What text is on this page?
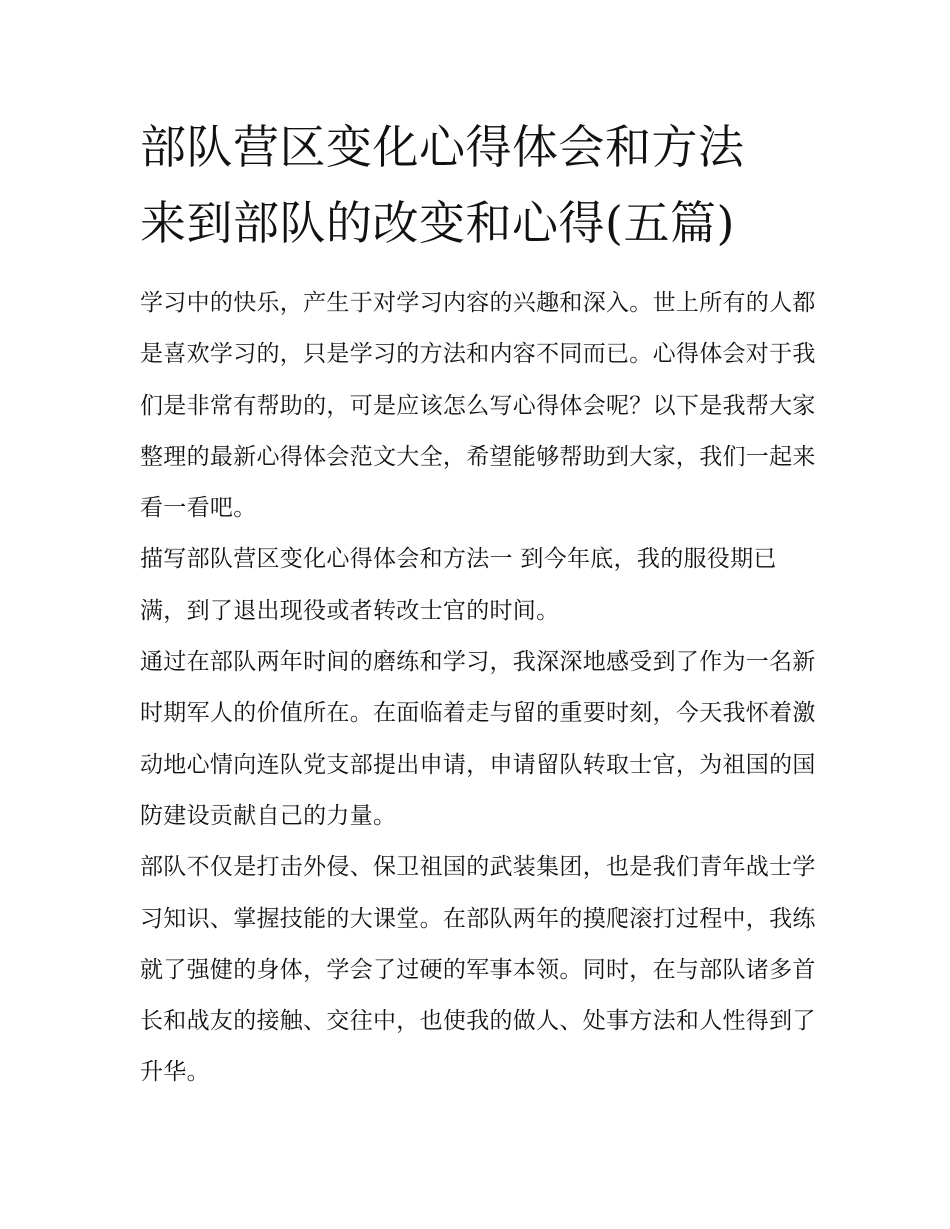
部队营区变化心得体会和方法
来到部队的改变和心得(五篇)

学习中的快乐，产生于对学习内容的兴趣和深入。世上所有的人都是喜欢学习的，只是学习的方法和内容不同而已。心得体会对于我们是非常有帮助的，可是应该怎么写心得体会呢？以下是我帮大家整理的最新心得体会范文大全，希望能够帮助到大家，我们一起来看一看吧。

描写部队营区变化心得体会和方法一 到今年底，我的服役期已满，到了退出现役或者转改士官的时间。

通过在部队两年时间的磨练和学习，我深深地感受到了作为一名新时期军人的价值所在。在面临着走与留的重要时刻，今天我怀着激动地心情向连队党支部提出申请，申请留队转取士官，为祖国的国防建设贡献自己的力量。

部队不仅是打击外侵、保卫祖国的武装集团，也是我们青年战士学习知识、掌握技能的大课堂。在部队两年的摸爬滚打过程中，我练就了强健的身体，学会了过硬的军事本领。同时，在与部队诸多首长和战友的接触、交往中，也使我的做人、处事方法和人性得到了升华。
